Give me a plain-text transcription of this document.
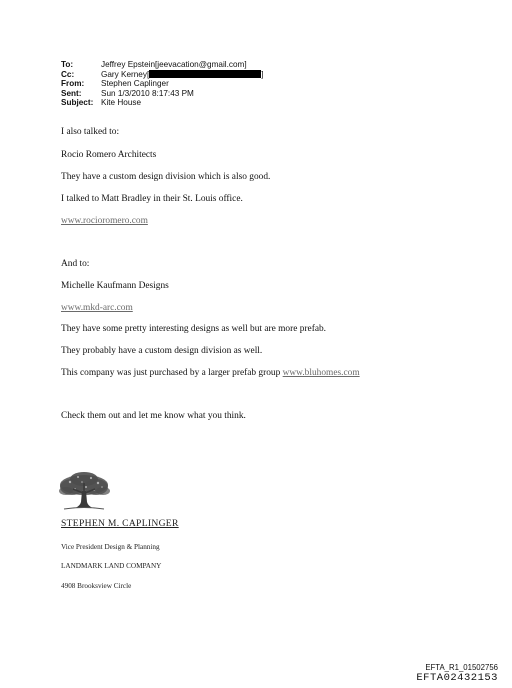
To:	Jeffrey Epstein[jeevacation@gmail.com]
Cc:	Gary Kerney[	]
From:	Stephen Caplinger
Sent:	Sun 1/3/2010 8:17:43 PM
Subject: Kite House

I also talked to:

Rocio Romero Architects

They have a custom design division which is also good.

I talked to Matt Bradley in their St. Louis office.

www.rocioromero.com

And to:

Michelle Kaufmann Designs

www.mkd-arc.com

They have some pretty interesting designs as well but are more prefab.

They probably have a custom design division as well.

This company was just purchased by a larger prefab group www.bluhomes.com

Check them out and let me know what you think.

STEPHEN M. CAPLINGER
Vice President Design & Planning
LANDMARK LAND COMPANY
4908 Brooksview Circle
EFTA_R1_01502756
EFTA02432153
